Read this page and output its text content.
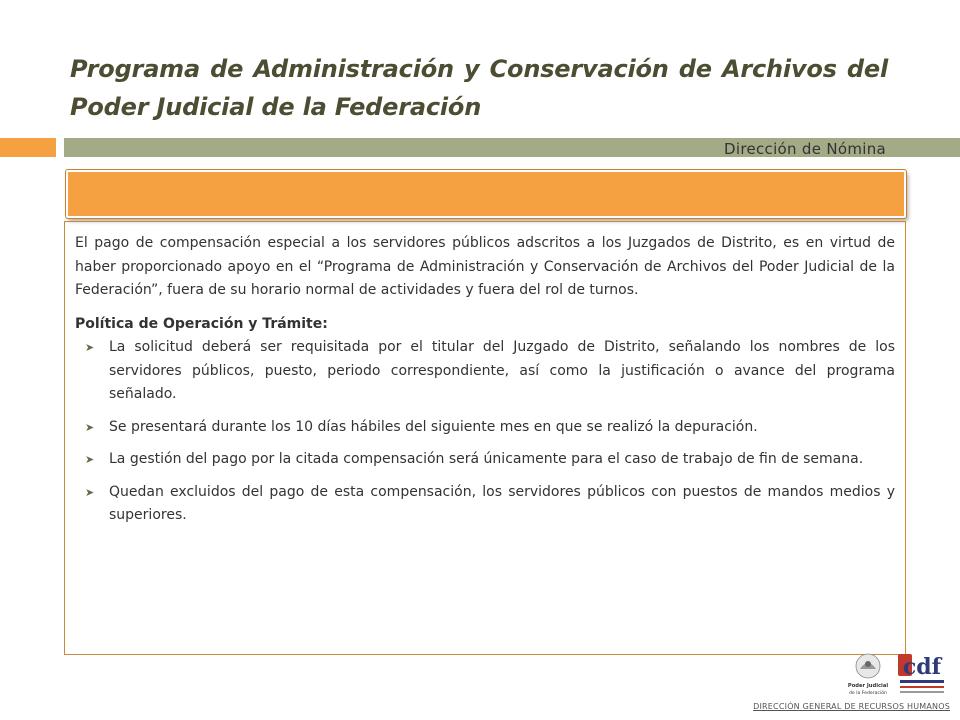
Programa de Administración y Conservación de Archivos del Poder Judicial de la Federación
Dirección de Nómina

El pago de compensación especial a los servidores públicos adscritos a los Juzgados de Distrito, es en virtud de haber proporcionado apoyo en el “Programa de Administración y Conservación de Archivos del Poder Judicial de la Federación”, fuera de su horario normal de actividades y fuera del rol de turnos.

Política de Operación y Trámite:

➤ La solicitud deberá ser requisitada por el titular del Juzgado de Distrito, señalando los nombres de los servidores públicos, puesto, periodo correspondiente, así como la justificación o avance del programa señalado.
➤ Se presentará durante los 10 días hábiles del siguiente mes en que se realizó la depuración.
➤ La gestión del pago por la citada compensación será únicamente para el caso de trabajo de fin de semana.
➤ Quedan excluidos del pago de esta compensación, los servidores públicos con puestos de mandos medios y superiores.
Poder Judicial
de la Federación
cdf
DIRECCIÓN GENERAL DE RECURSOS HUMANOS
